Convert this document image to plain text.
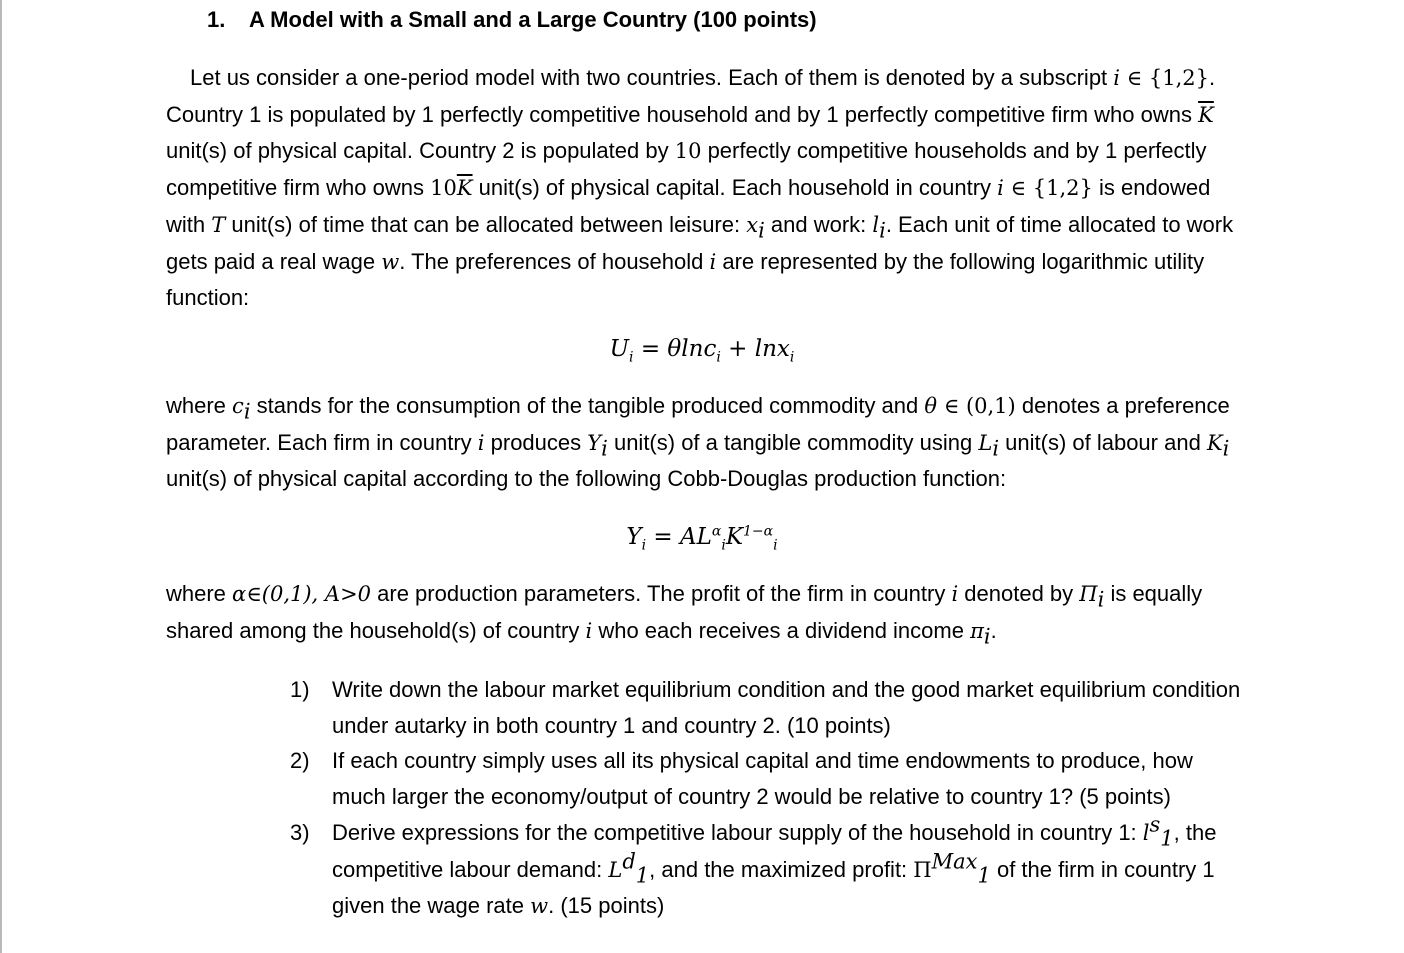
1. A Model with a Small and a Large Country (100 points)

Let us consider a one-period model with two countries. Each of them is denoted by a subscript i ∈ {1,2}. Country 1 is populated by 1 perfectly competitive household and by 1 perfectly competitive firm who owns $\overline{K}$ unit(s) of physical capital. Country 2 is populated by 10 perfectly competitive households and by 1 perfectly competitive firm who owns $10\overline{K}$ unit(s) of physical capital. Each household in country i ∈ {1,2} is endowed with T unit(s) of time that can be allocated between leisure: $x_i$ and work: $l_i$. Each unit of time allocated to work gets paid a real wage w. The preferences of household i are represented by the following logarithmic utility function:

$U_i = \theta\ln c_i + \ln x_i$

where $c_i$ stands for the consumption of the tangible produced commodity and θ ∈ (0,1) denotes a preference parameter. Each firm in country i produces $Y_i$ unit(s) of a tangible commodity using $L_i$ unit(s) of labour and $K_i$ unit(s) of physical capital according to the following Cobb-Douglas production function:

$Y_i = AL^\alpha_iK^{1-\alpha}_i$

where α∈(0,1), A>0 are production parameters. The profit of the firm in country i denoted by $\Pi_i$ is equally shared among the household(s) of country i who each receives a dividend income $\pi_i$.

1) Write down the labour market equilibrium condition and the good market equilibrium condition under autarky in both country 1 and country 2. (10 points)
2) If each country simply uses all its physical capital and time endowments to produce, how much larger the economy/output of country 2 would be relative to country 1? (5 points)
3) Derive expressions for the competitive labour supply of the household in country 1: $l^s_1$, the competitive labour demand: $L^d_1$, and the maximized profit: $\Pi^{Max}_1$ of the firm in country 1 given the wage rate w. (15 points)
